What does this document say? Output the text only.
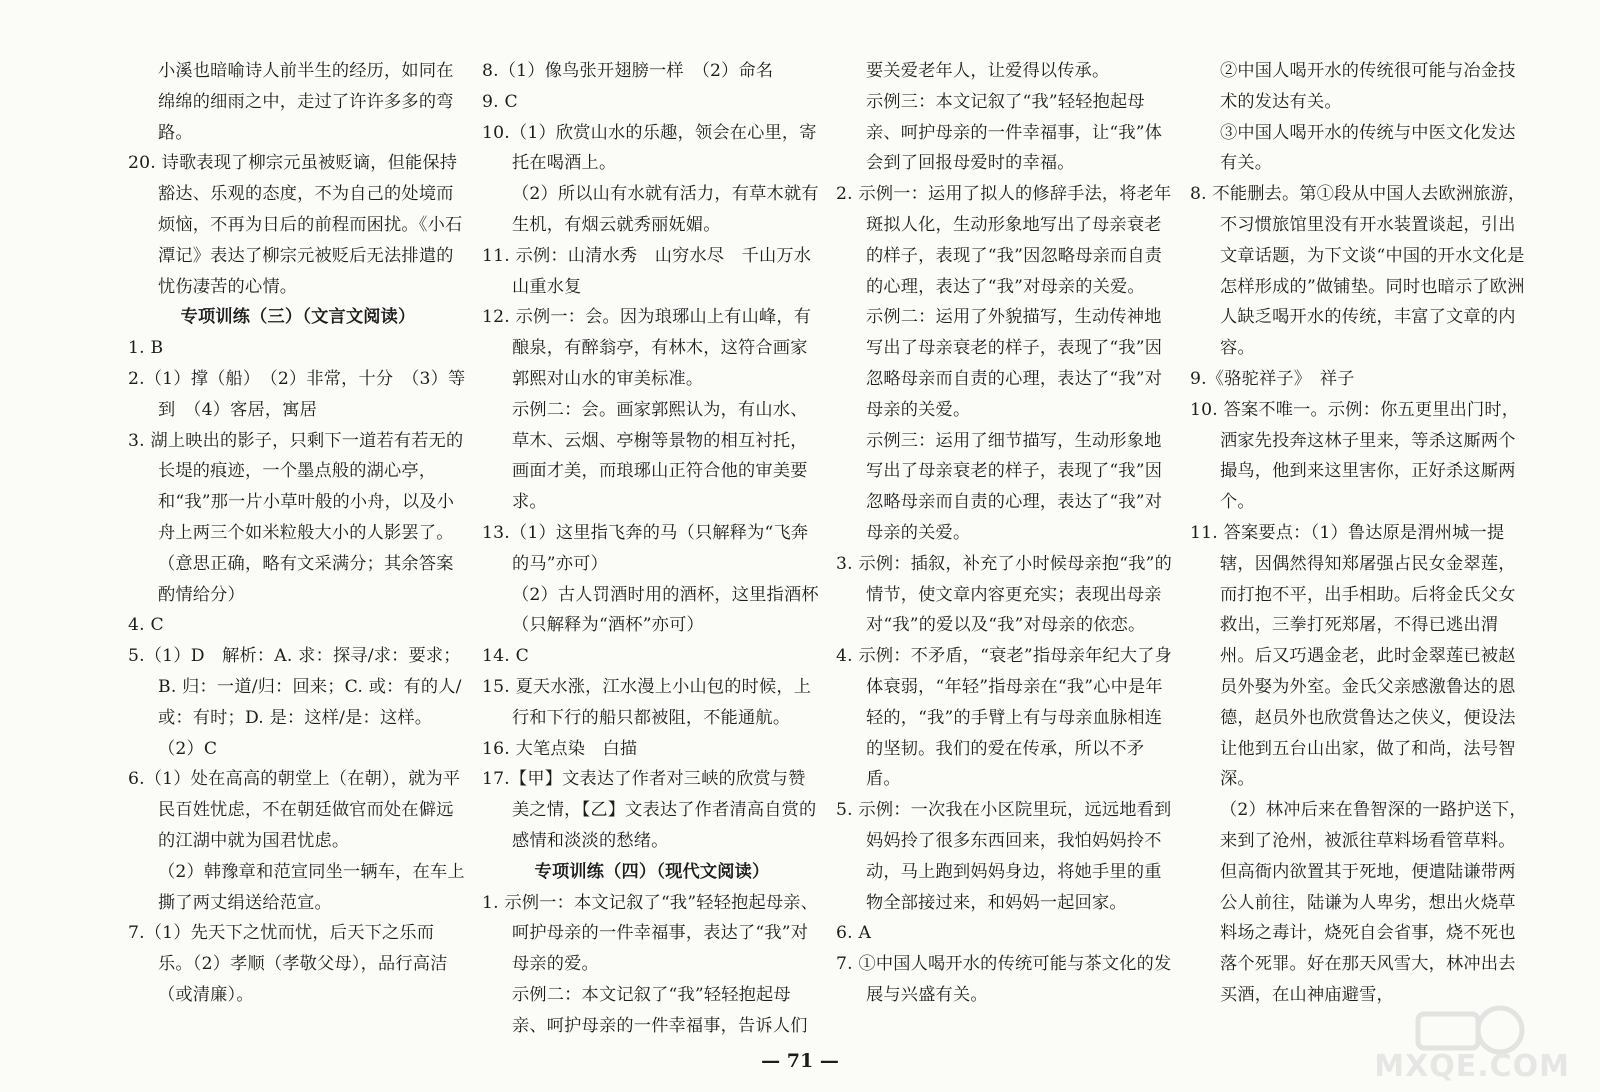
小溪也暗喻诗人前半生的经历，如同在绵绵的细雨之中，走过了许许多多的弯路。

20. 诗歌表现了柳宗元虽被贬谪，但能保持豁达、乐观的态度，不为自己的处境而烦恼，不再为日后的前程而困扰。《小石潭记》表达了柳宗元被贬后无法排遣的忧伤凄苦的心情。

专项训练（三）（文言文阅读）

1. B

2.（1）撑（船）　（2）非常，十分　（3）等到　（4）客居，寓居

3. 湖上映出的影子，只剩下一道若有若无的长堤的痕迹，一个墨点般的湖心亭，和“我”那一片小草叶般的小舟，以及小舟上两三个如米粒般大小的人影罢了。（意思正确，略有文采满分；其余答案酌情给分）

4. C

5.（1）D　解析：A. 求：探寻/求：要求；B. 归：一道/归：回来；C. 或：有的人/或：有时；D. 是：这样/是：这样。

（2）C

6.（1）处在高高的朝堂上（在朝），就为平民百姓忧虑，不在朝廷做官而处在僻远的江湖中就为国君忧虑。

（2）韩豫章和范宣同坐一辆车，在车上撕了两丈绢送给范宣。

7.（1）先天下之忧而忧，后天下之乐而乐。（2）孝顺（孝敬父母），品行高洁（或清廉）。

8.（1）像鸟张开翅膀一样　（2）命名

9. C

10.（1）欣赏山水的乐趣，领会在心里，寄托在喝酒上。

（2）所以山有水就有活力，有草木就有生机，有烟云就秀丽妩媚。

11. 示例：山清水秀　山穷水尽　千山万水　山重水复

12. 示例一：会。因为琅琊山上有山峰，有酿泉，有醉翁亭，有林木，这符合画家郭熙对山水的审美标准。

示例二：会。画家郭熙认为，有山水、草木、云烟、亭榭等景物的相互衬托，画面才美，而琅琊山正符合他的审美要求。

13.（1）这里指飞奔的马（只解释为“飞奔的马”亦可）

（2）古人罚酒时用的酒杯，这里指酒杯（只解释为“酒杯”亦可）

14. C

15. 夏天水涨，江水漫上小山包的时候，上行和下行的船只都被阻，不能通航。

16. 大笔点染　白描

17.【甲】文表达了作者对三峡的欣赏与赞美之情，【乙】文表达了作者清高自赏的感情和淡淡的愁绪。

专项训练（四）（现代文阅读）

1. 示例一：本文记叙了“我”轻轻抱起母亲、呵护母亲的一件幸福事，表达了“我”对母亲的爱。

示例二：本文记叙了“我”轻轻抱起母亲、呵护母亲的一件幸福事，告诉人们

要关爱老年人，让爱得以传承。

示例三：本文记叙了“我”轻轻抱起母亲、呵护母亲的一件幸福事，让“我”体会到了回报母爱时的幸福。

2. 示例一：运用了拟人的修辞手法，将老年斑拟人化，生动形象地写出了母亲衰老的样子，表现了“我”因忽略母亲而自责的心理，表达了“我”对母亲的关爱。

示例二：运用了外貌描写，生动传神地写出了母亲衰老的样子，表现了“我”因忽略母亲而自责的心理，表达了“我”对母亲的关爱。

示例三：运用了细节描写，生动形象地写出了母亲衰老的样子，表现了“我”因忽略母亲而自责的心理，表达了“我”对母亲的关爱。

3. 示例：插叙，补充了小时候母亲抱“我”的情节，使文章内容更充实；表现出母亲对“我”的爱以及“我”对母亲的依恋。

4. 示例：不矛盾，“衰老”指母亲年纪大了身体衰弱，“年轻”指母亲在“我”心中是年轻的，“我”的手臂上有与母亲血脉相连的坚韧。我们的爱在传承，所以不矛盾。

5. 示例：一次我在小区院里玩，远远地看到妈妈拎了很多东西回来，我怕妈妈拎不动，马上跑到妈妈身边，将她手里的重物全部接过来，和妈妈一起回家。

6. A

7. ①中国人喝开水的传统可能与茶文化的发展与兴盛有关。

②中国人喝开水的传统很可能与冶金技术的发达有关。

③中国人喝开水的传统与中医文化发达有关。

8. 不能删去。第①段从中国人去欧洲旅游，不习惯旅馆里没有开水装置谈起，引出文章话题，为下文谈“中国的开水文化是怎样形成的”做铺垫。同时也暗示了欧洲人缺乏喝开水的传统，丰富了文章的内容。

9.《骆驼祥子》　祥子

10. 答案不唯一。示例：你五更里出门时，洒家先投奔这林子里来，等杀这厮两个撮鸟，他到来这里害你，正好杀这厮两个。

11. 答案要点：（1）鲁达原是渭州城一提辖，因偶然得知郑屠强占民女金翠莲，而打抱不平，出手相助。后将金氏父女救出，三拳打死郑屠，不得已逃出渭州。后又巧遇金老，此时金翠莲已被赵员外娶为外室。金氏父亲感激鲁达的恩德，赵员外也欣赏鲁达之侠义，便设法让他到五台山出家，做了和尚，法号智深。

（2）林冲后来在鲁智深的一路护送下，来到了沧州，被派往草料场看管草料。但高衙内欲置其于死地，便遣陆谦带两公人前往，陆谦为人卑劣，想出火烧草料场之毒计，烧死自会省事，烧不死也落个死罪。好在那天风雪大，林冲出去买酒，在山神庙避雪，

— 71 —	MXQE.COM
